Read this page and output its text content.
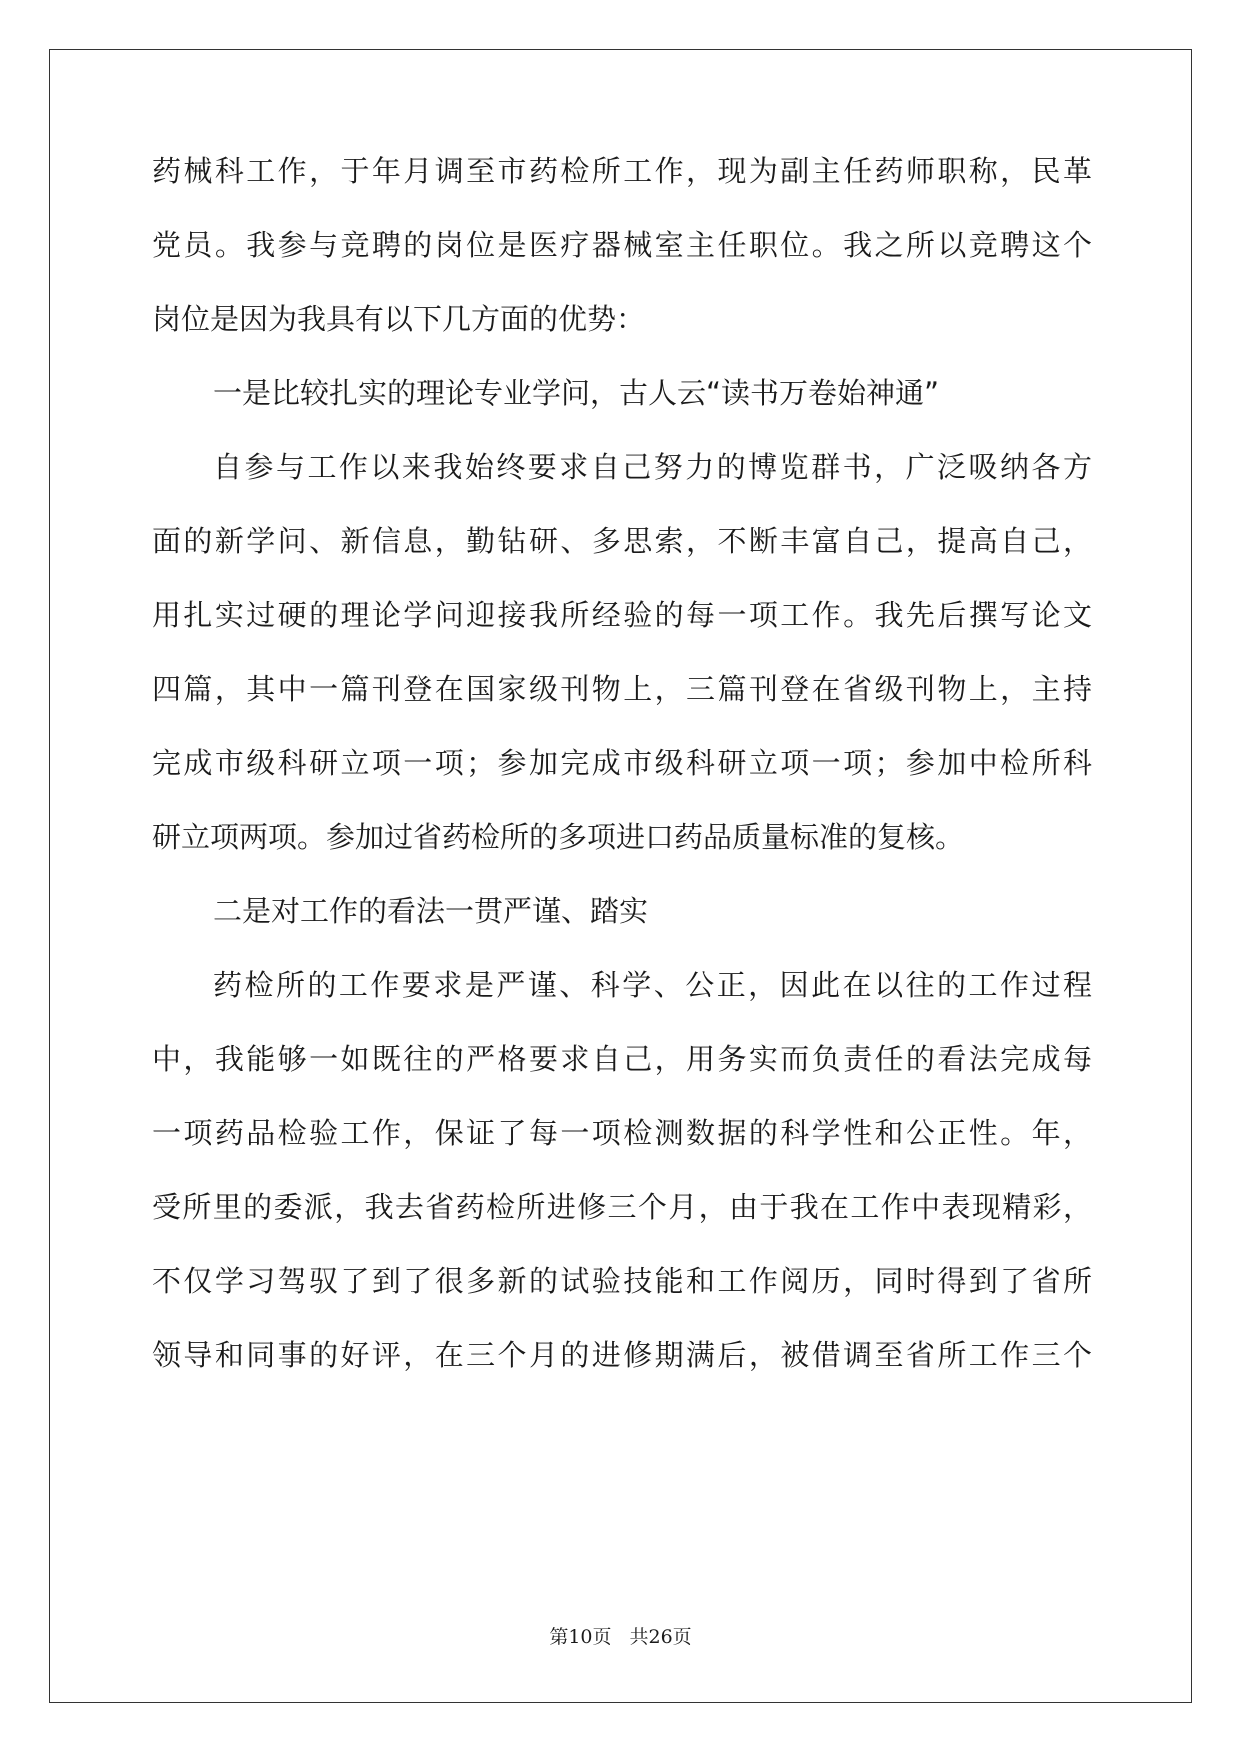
药械科工作，于年月调至市药检所工作，现为副主任药师职称，民革
党员。我参与竞聘的岗位是医疗器械室主任职位。我之所以竞聘这个
岗位是因为我具有以下几方面的优势：
一是比较扎实的理论专业学问，古人云“读书万卷始神通”
自参与工作以来我始终要求自己努力的博览群书，广泛吸纳各方
面的新学问、新信息，勤钻研、多思索，不断丰富自己，提高自己，
用扎实过硬的理论学问迎接我所经验的每一项工作。我先后撰写论文
四篇，其中一篇刊登在国家级刊物上，三篇刊登在省级刊物上，主持
完成市级科研立项一项；参加完成市级科研立项一项；参加中检所科
研立项两项。参加过省药检所的多项进口药品质量标准的复核。
二是对工作的看法一贯严谨、踏实
药检所的工作要求是严谨、科学、公正，因此在以往的工作过程
中，我能够一如既往的严格要求自己，用务实而负责任的看法完成每
一项药品检验工作，保证了每一项检测数据的科学性和公正性。年，
受所里的委派，我去省药检所进修三个月，由于我在工作中表现精彩，
不仅学习驾驭了到了很多新的试验技能和工作阅历，同时得到了省所
领导和同事的好评，在三个月的进修期满后，被借调至省所工作三个
第10页 共26页
